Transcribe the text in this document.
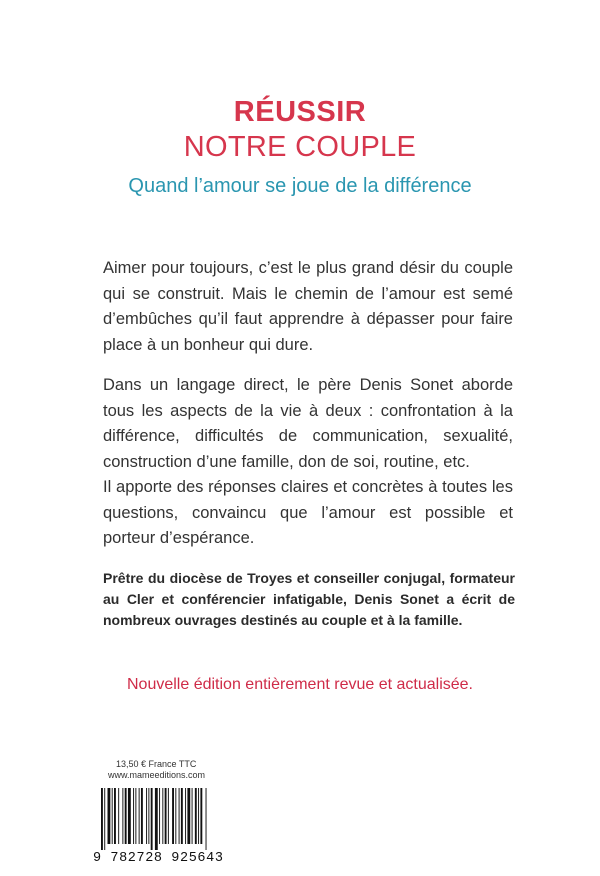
RÉUSSIR
NOTRE COUPLE
Quand l’amour se joue de la différence
Aimer pour toujours, c’est le plus grand désir du couple qui se construit. Mais le chemin de l’amour est semé d’embûches qu’il faut apprendre à dépasser pour faire place à un bonheur qui dure.
Dans un langage direct, le père Denis Sonet aborde tous les aspects de la vie à deux : confrontation à la différence, difficultés de communication, sexualité, construction d’une famille, don de soi, routine, etc.
Il apporte des réponses claires et concrètes à toutes les questions, convaincu que l’amour est possible et porteur d’espérance.
Prêtre du diocèse de Troyes et conseiller conjugal, formateur au Cler et conférencier infatigable, Denis Sonet a écrit de nombreux ouvrages destinés au couple et à la famille.
Nouvelle édition entièrement revue et actualisée.
13,50 € France TTC
www.mameeditions.com
9 782728 925643
